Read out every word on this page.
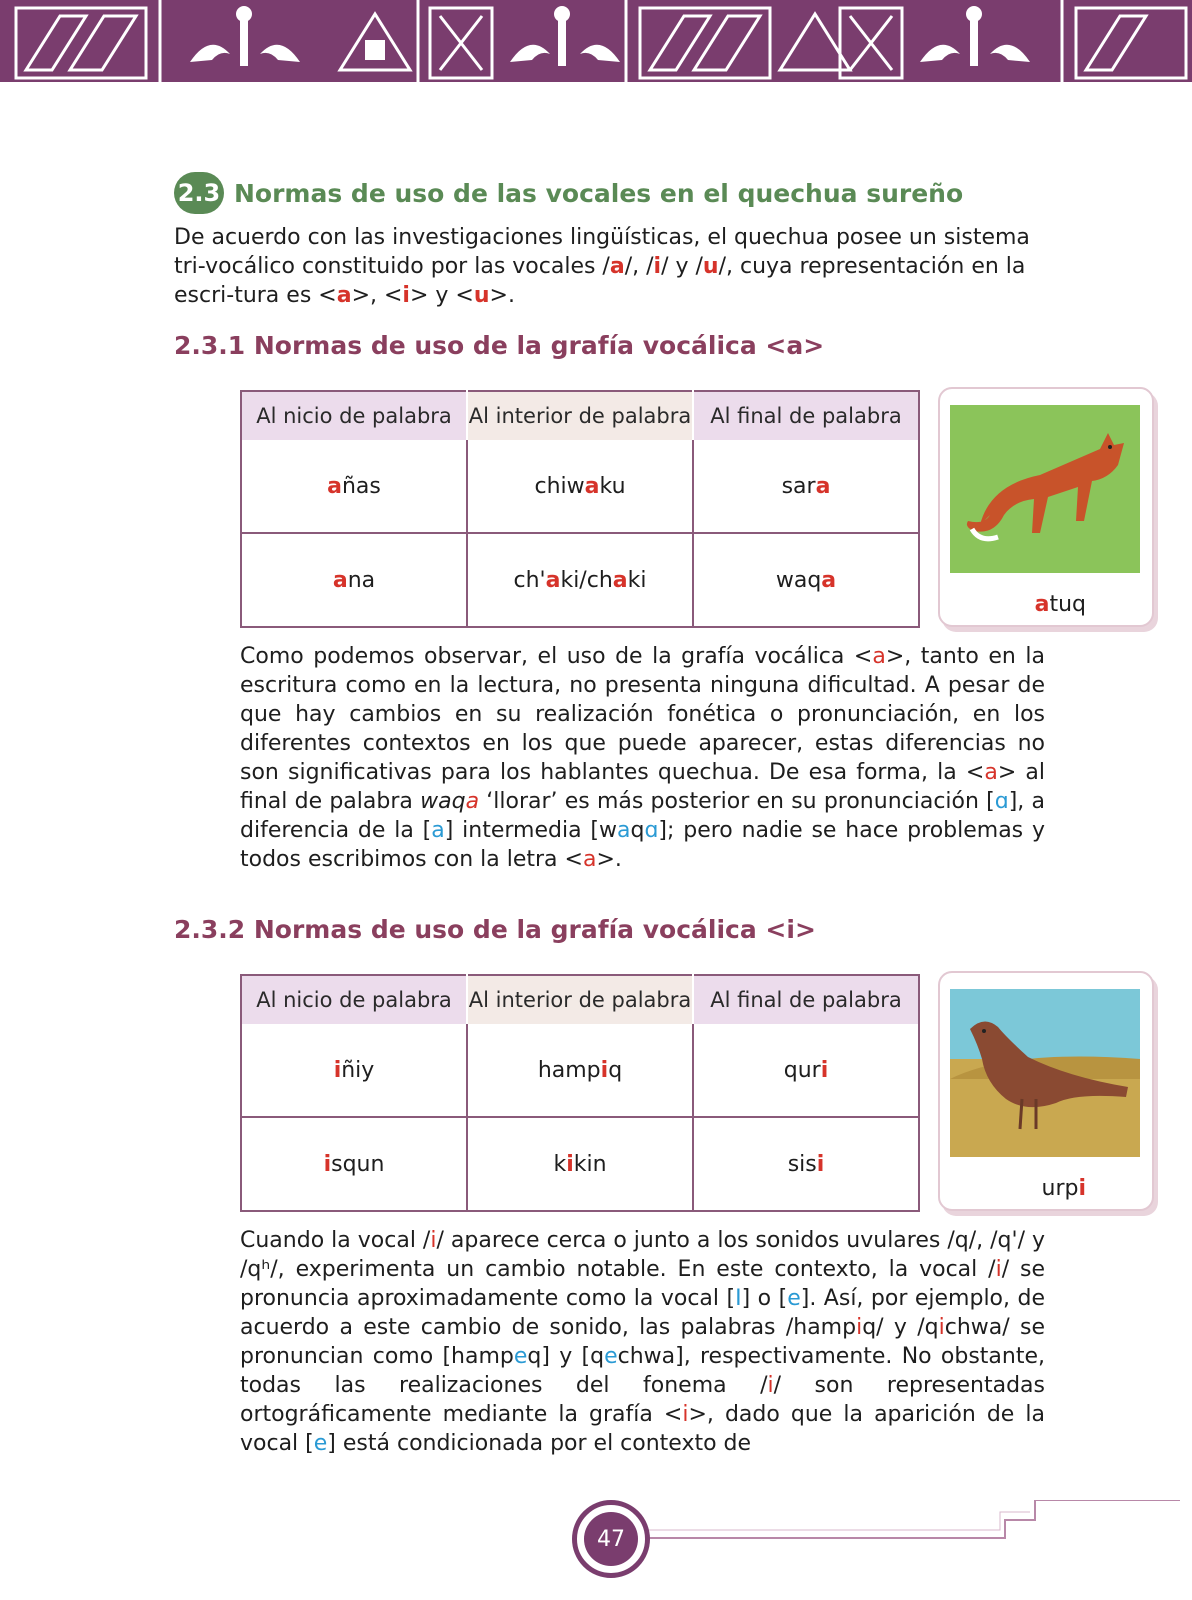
2.3 Normas de uso de las vocales en el quechua sureño

De acuerdo con las investigaciones lingüísticas, el quechua posee un sistema tri-vocálico constituido por las vocales /a/, /i/ y /u/, cuya representación en la escri-tura es <a>, <i> y <u>.

2.3.1 Normas de uso de la grafía vocálica <a>
Al nicio de palabra	Al interior de palabra	Al final de palabra
añas	chiwaku	sara
ana	ch'aki/chaki	waqa
atuq

Como podemos observar, el uso de la grafía vocálica <a>, tanto en la escritura como en la lectura, no presenta ninguna dificultad. A pesar de que hay cambios en su realización fonética o pronunciación, en los diferentes contextos en los que puede aparecer, estas diferencias no son significativas para los hablantes quechua. De esa forma, la <a> al final de palabra waqa ‘llorar’ es más posterior en su pronunciación [ɑ], a diferencia de la [a] intermedia [waqɑ]; pero nadie se hace problemas y todos escribimos con la letra <a>.

2.3.2 Normas de uso de la grafía vocálica <i>
Al nicio de palabra	Al interior de palabra	Al final de palabra
iñiy	hampiq	quri
isqun	kikin	sisi
urpi

Cuando la vocal /i/ aparece cerca o junto a los sonidos uvulares /q/, /q'/ y /qʰ/, experimenta un cambio notable. En este contexto, la vocal /i/ se pronuncia aproximadamente como la vocal [I] o [e]. Así, por ejemplo, de acuerdo a este cambio de sonido, las palabras /hampiq/ y /qichwa/ se pronuncian como [hampeq] y [qechwa], respectivamente. No obstante, todas las realizaciones del fonema /i/ son representadas ortográficamente mediante la grafía <i>, dado que la aparición de la vocal [e] está condicionada por el contexto de

47
